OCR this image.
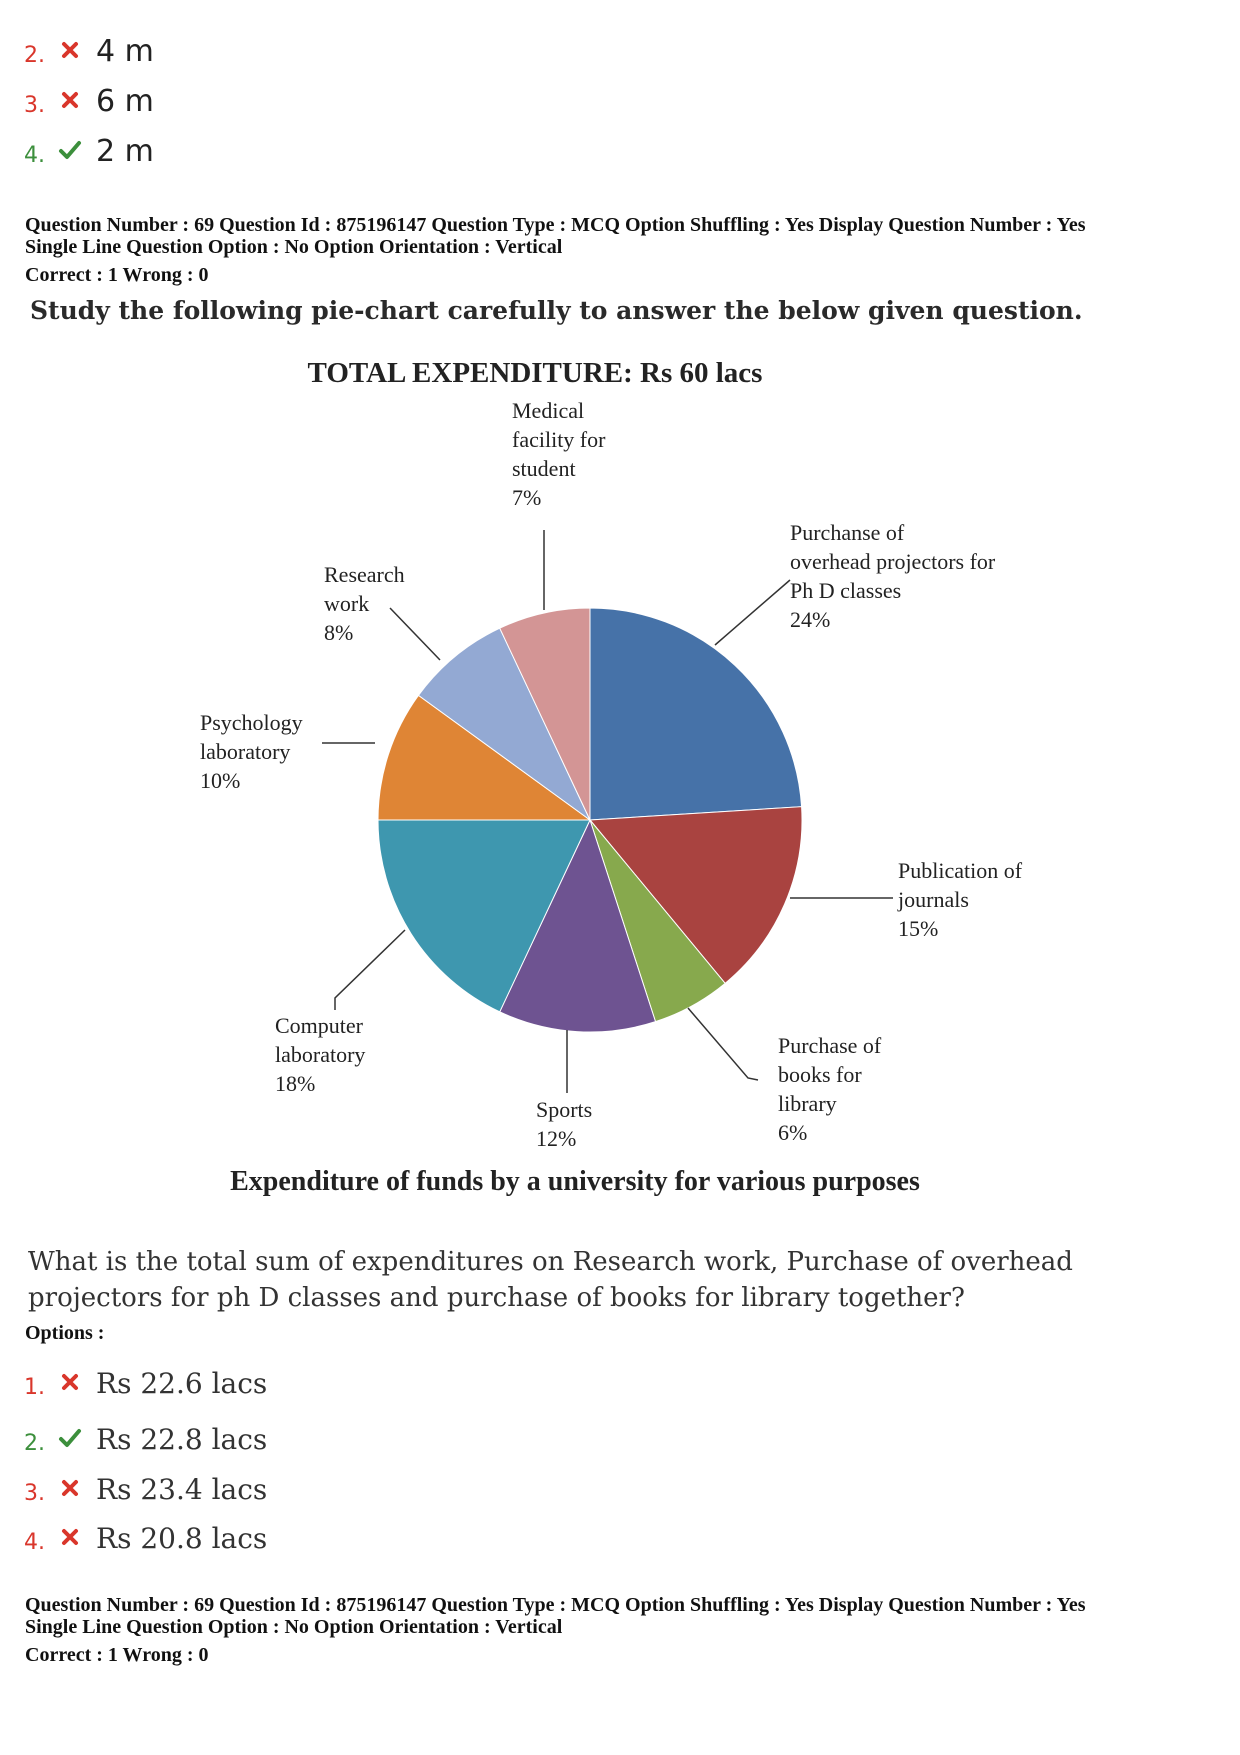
2. 4 m
3. 6 m
4. 2 m
Question Number : 69 Question Id : 875196147 Question Type : MCQ Option Shuffling : Yes Display Question Number : Yes
Single Line Question Option : No Option Orientation : Vertical
Correct : 1 Wrong : 0
Study the following pie-chart carefully to answer the below given question.
TOTAL EXPENDITURE: Rs 60 lacs
Purchanse of overhead projectors for Ph D classes 24%
Publication of journals 15%
Purchase of books for library 6%
Sports 12%
Computer laboratory 18%
Psychology laboratory 10%
Research work 8%
Medical facility for student 7%
Expenditure of funds by a university for various purposes
What is the total sum of expenditures on Research work, Purchase of overhead
projectors for ph D classes and purchase of books for library together?
Options :
1. Rs 22.6 lacs
2. Rs 22.8 lacs
3. Rs 23.4 lacs
4. Rs 20.8 lacs
Question Number : 69 Question Id : 875196147 Question Type : MCQ Option Shuffling : Yes Display Question Number : Yes
Single Line Question Option : No Option Orientation : Vertical
Correct : 1 Wrong : 0
